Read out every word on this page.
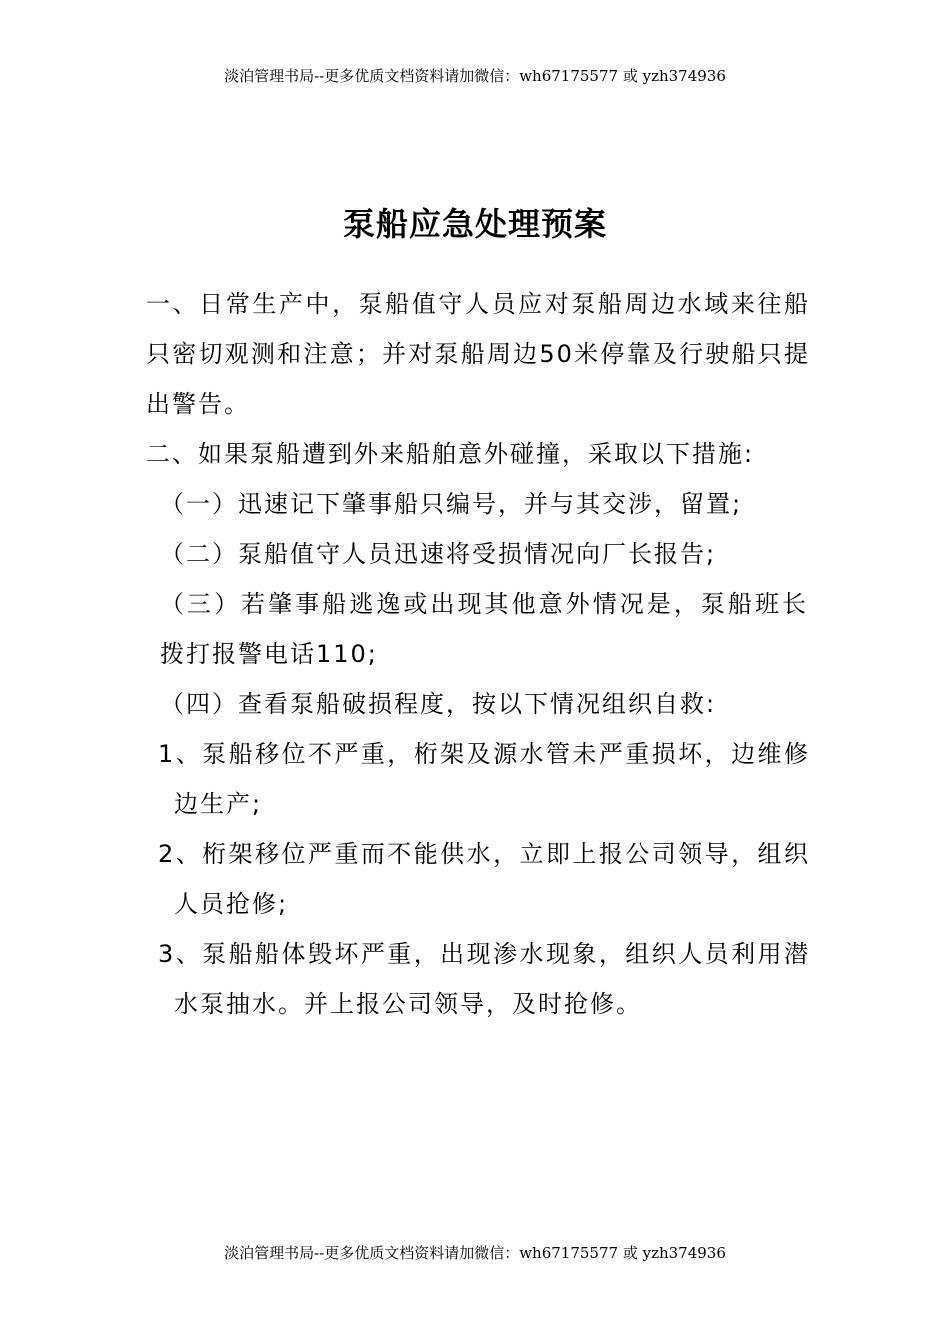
淡泊管理书局--更多优质文档资料请加微信：wh67175577 或 yzh374936
泵船应急处理预案

一、日常生产中，泵船值守人员应对泵船周边水域来往船只密切观测和注意；并对泵船周边50米停靠及行驶船只提出警告。

二、如果泵船遭到外来船舶意外碰撞，采取以下措施:

（一）迅速记下肇事船只编号，并与其交涉，留置;

（二）泵船值守人员迅速将受损情况向厂长报告;

（三）若肇事船逃逸或出现其他意外情况是，泵船班长拨打报警电话110;

（四）查看泵船破损程度，按以下情况组织自救:

1、泵船移位不严重，桁架及源水管未严重损坏，边维修边生产;

2、桁架移位严重而不能供水，立即上报公司领导，组织人员抢修;

3、泵船船体毁坏严重，出现渗水现象，组织人员利用潜水泵抽水。并上报公司领导，及时抢修。

淡泊管理书局--更多优质文档资料请加微信：wh67175577 或 yzh374936
